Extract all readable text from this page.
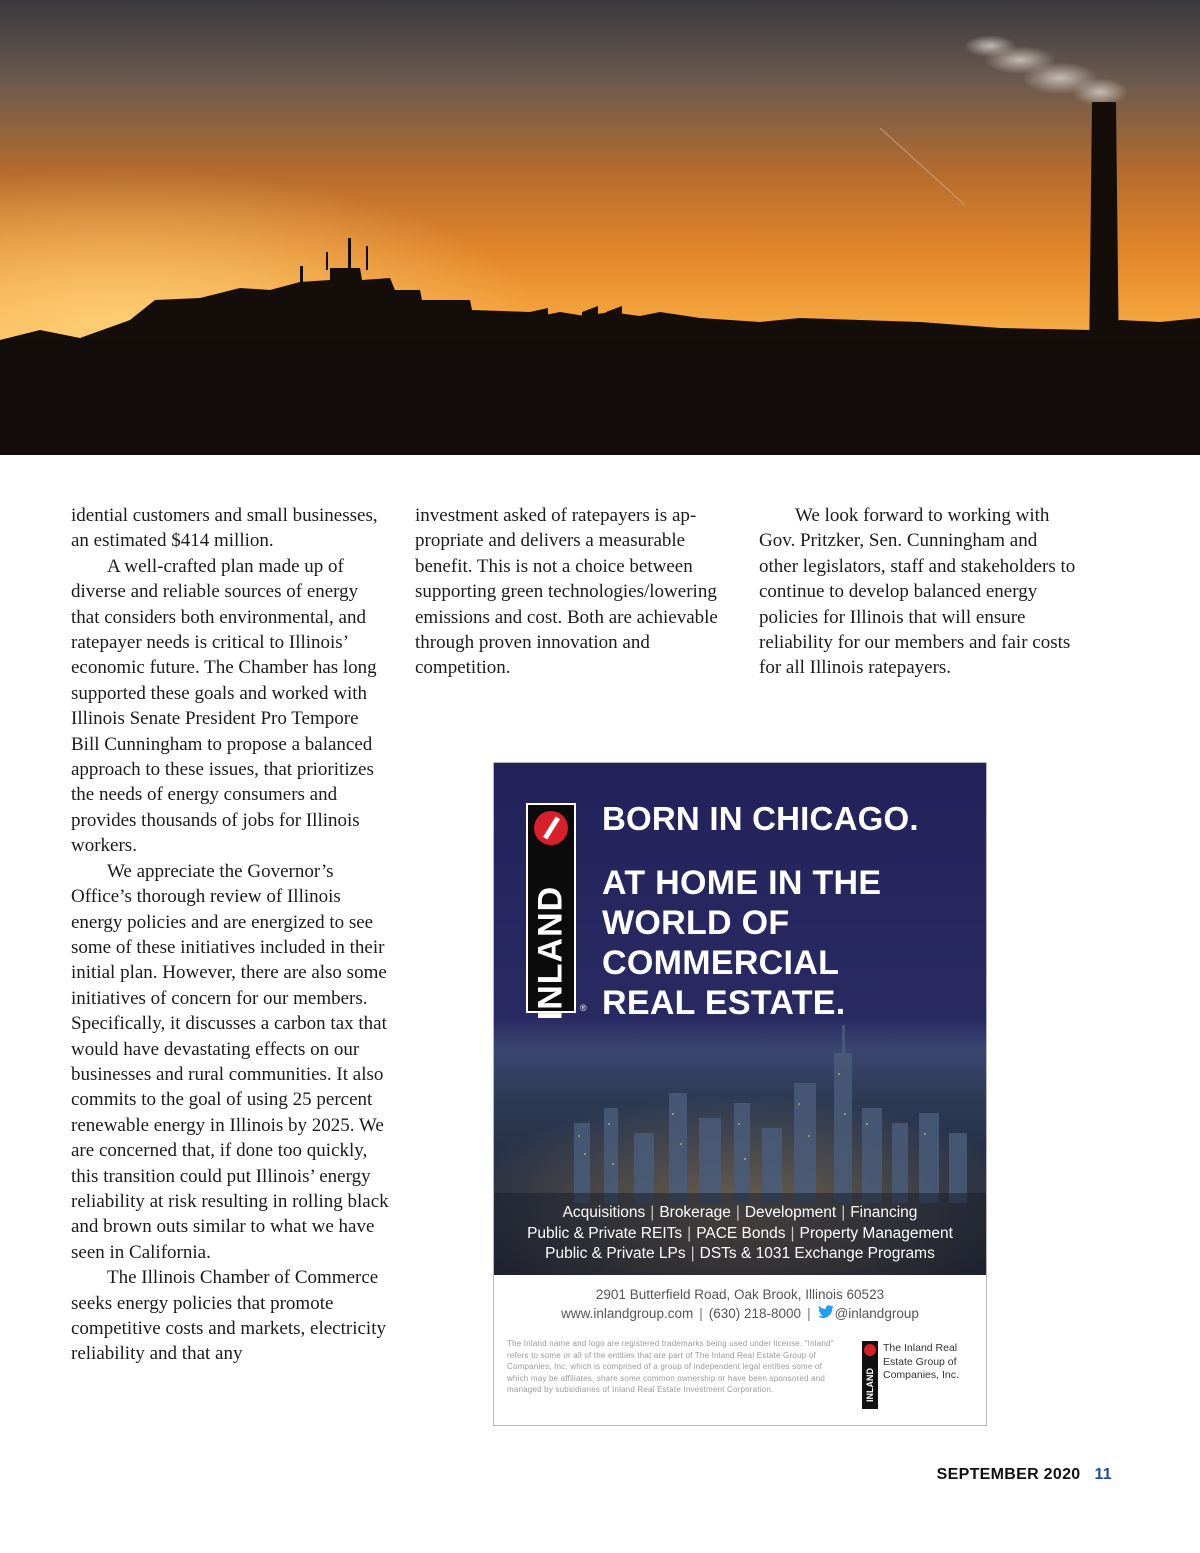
idential customers and small businesses, an estimated $414 million.

A well-crafted plan made up of diverse and reliable sources of energy that considers both environmental, and ratepayer needs is critical to Illinois’ economic future. The Chamber has long supported these goals and worked with Illinois Senate President Pro Tempore Bill Cunningham to propose a balanced approach to these issues, that prioritizes the needs of energy consumers and provides thousands of jobs for Illinois workers.

We appreciate the Governor’s Office’s thorough review of Illinois energy policies and are energized to see some of these initiatives included in their initial plan. However, there are also some initiatives of concern for our members. Specifically, it discusses a carbon tax that would have devastating effects on our businesses and rural communities. It also commits to the goal of using 25 percent renewable energy in Illinois by 2025. We are concerned that, if done too quickly, this transition could put Illinois’ energy reliability at risk resulting in rolling black and brown outs similar to what we have seen in California.

The Illinois Chamber of Commerce seeks energy policies that promote competitive costs and markets, electricity reliability and that any

investment asked of ratepayers is appropriate and delivers a measurable benefit. This is not a choice between supporting green technologies/lowering emissions and cost. Both are achievable through proven innovation and competition.

We look forward to working with Gov. Pritzker, Sen. Cunningham and other legislators, staff and stakeholders to continue to develop balanced energy policies for Illinois that will ensure reliability for our members and fair costs for all Illinois ratepayers.

INLAND ®
BORN IN CHICAGO.
AT HOME IN THE
WORLD OF
COMMERCIAL
REAL ESTATE.
Acquisitions | Brokerage | Development | Financing
Public & Private REITs | PACE Bonds | Property Management
Public & Private LPs | DSTs & 1031 Exchange Programs
2901 Butterfield Road, Oak Brook, Illinois 60523
www.inlandgroup.com | (630) 218-8000 | @inlandgroup
The Inland name and logo are registered trademarks being used under license. “Inland” refers to some or all of the entities that are part of The Inland Real Estate Group of Companies, Inc. which is comprised of a group of independent legal entities some of which may be affiliates, share some common ownership or have been sponsored and managed by subsidiaries of Inland Real Estate Investment Corporation.	INLAND
The Inland Real Estate Group of Companies, Inc.
SEPTEMBER 2020 11
